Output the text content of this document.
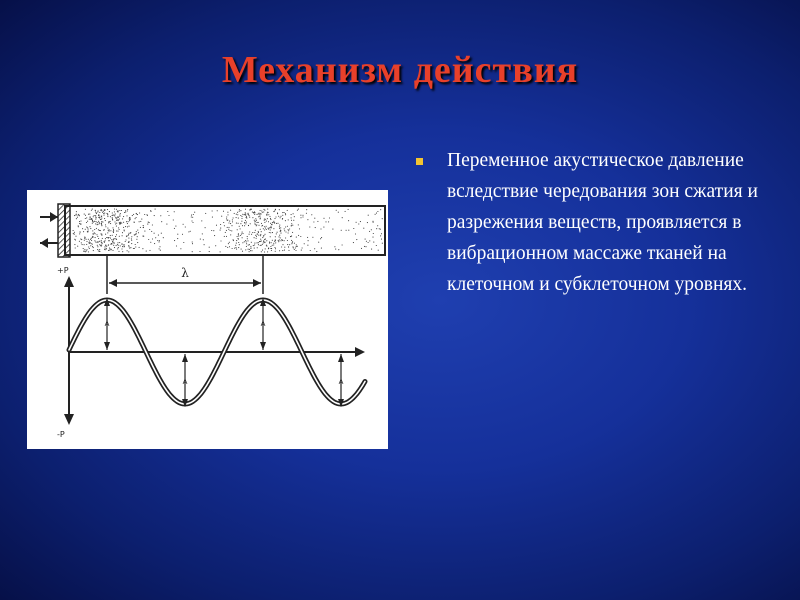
Механизм действия
λ
+P
-P
A	A
A	A
Переменное акустическое давление вследствие чередования зон сжатия и разрежения веществ, проявляется в вибрационном массаже тканей на клеточном и субклеточном уровнях.
